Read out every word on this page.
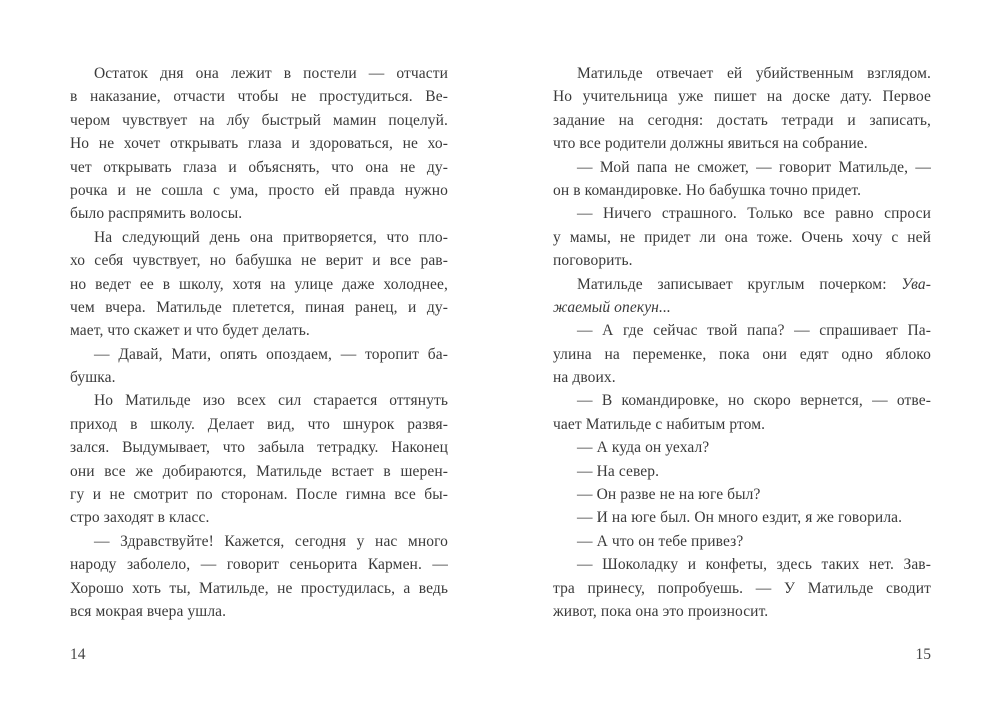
Остаток дня она лежит в постели — отчасти
в наказание, отчасти чтобы не простудиться. Ве-
чером чувствует на лбу быстрый мамин поцелуй.
Но не хочет открывать глаза и здороваться, не хо-
чет открывать глаза и объяснять, что она не ду-
рочка и не сошла с ума, просто ей правда нужно
было распрямить волосы.
На следующий день она притворяется, что пло-
хо себя чувствует, но бабушка не верит и все рав-
но ведет ее в школу, хотя на улице даже холоднее,
чем вчера. Матильде плетется, пиная ранец, и ду-
мает, что скажет и что будет делать.
— Давай, Мати, опять опоздаем, — торопит ба-
бушка.
Но Матильде изо всех сил старается оттянуть
приход в школу. Делает вид, что шнурок развя-
зался. Выдумывает, что забыла тетрадку. Наконец
они все же добираются, Матильде встает в шерен-
гу и не смотрит по сторонам. После гимна все бы-
стро заходят в класс.
— Здравствуйте! Кажется, сегодня у нас много
народу заболело, — говорит сеньорита Кармен. —
Хорошо хоть ты, Матильде, не простудилась, а ведь
вся мокрая вчера ушла.
Матильде отвечает ей убийственным взглядом.
Но учительница уже пишет на доске дату. Первое
задание на сегодня: достать тетради и записать,
что все родители должны явиться на собрание.
— Мой папа не сможет, — говорит Матильде, —
он в командировке. Но бабушка точно придет.
— Ничего страшного. Только все равно спроси
у мамы, не придет ли она тоже. Очень хочу с ней
поговорить.
Матильде записывает круглым почерком: Ува-
жаемый опекун...
— А где сейчас твой папа? — спрашивает Па-
улина на переменке, пока они едят одно яблоко
на двоих.
— В командировке, но скоро вернется, — отве-
чает Матильде с набитым ртом.
— А куда он уехал?
— На север.
— Он разве не на юге был?
— И на юге был. Он много ездит, я же говорила.
— А что он тебе привез?
— Шоколадку и конфеты, здесь таких нет. Зав-
тра принесу, попробуешь. — У Матильде сводит
живот, пока она это произносит.
14	15
